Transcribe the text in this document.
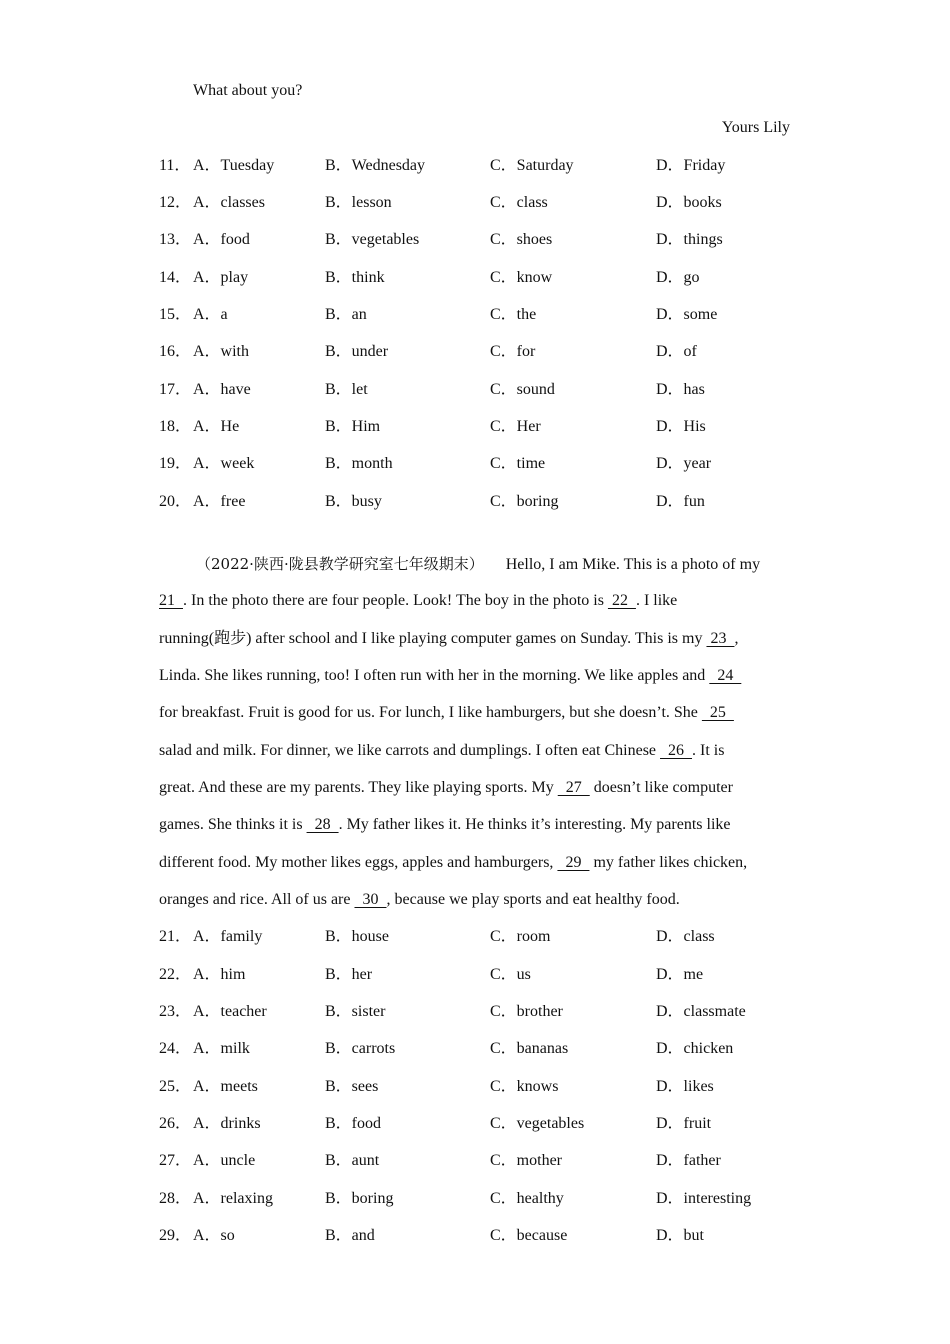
What about you?
Yours Lily
11． A．Tuesday	B．Wednesday	C．Saturday	D．Friday
12． A．classes	B．lesson	C．class	D．books
13． A．food	B．vegetables	C．shoes	D．things
14． A．play	B．think	C．know	D．go
15． A．a	B．an	C．the	D．some
16． A．with	B．under	C．for	D．of
17． A．have	B．let	C．sound	D．has
18． A．He	B．Him	C．Her	D．His
19． A．week	B．month	C．time	D．year
20． A．free	B．busy	C．boring	D．fun
（2022·陕西·陇县教学研究室七年级期末） Hello, I am Mike. This is a photo of my
21  . In the photo there are four people. Look! The boy in the photo is  22  . I like
running(跑步) after school and I like playing computer games on Sunday. This is my  23  ,
Linda. She likes running, too! I often run with her in the morning. We like apples and   24
for breakfast. Fruit is good for us. For lunch, I like hamburgers, but she doesn’t. She   25
salad and milk. For dinner, we like carrots and dumplings. I often eat Chinese   26  . It is
great. And these are my parents. They like playing sports. My   27   doesn’t like computer
games. She thinks it is   28  . My father likes it. He thinks it’s interesting. My parents like
different food. My mother likes eggs, apples and hamburgers,   29   my father likes chicken,
oranges and rice. All of us are   30  , because we play sports and eat healthy food.
21． A．family	B．house	C．room	D．class
22． A．him	B．her	C．us	D．me
23． A．teacher	B．sister	C．brother	D．classmate
24． A．milk	B．carrots	C．bananas	D．chicken
25． A．meets	B．sees	C．knows	D．likes
26． A．drinks	B．food	C．vegetables	D．fruit
27． A．uncle	B．aunt	C．mother	D．father
28． A．relaxing	B．boring	C．healthy	D．interesting
29． A．so	B．and	C．because	D．but
